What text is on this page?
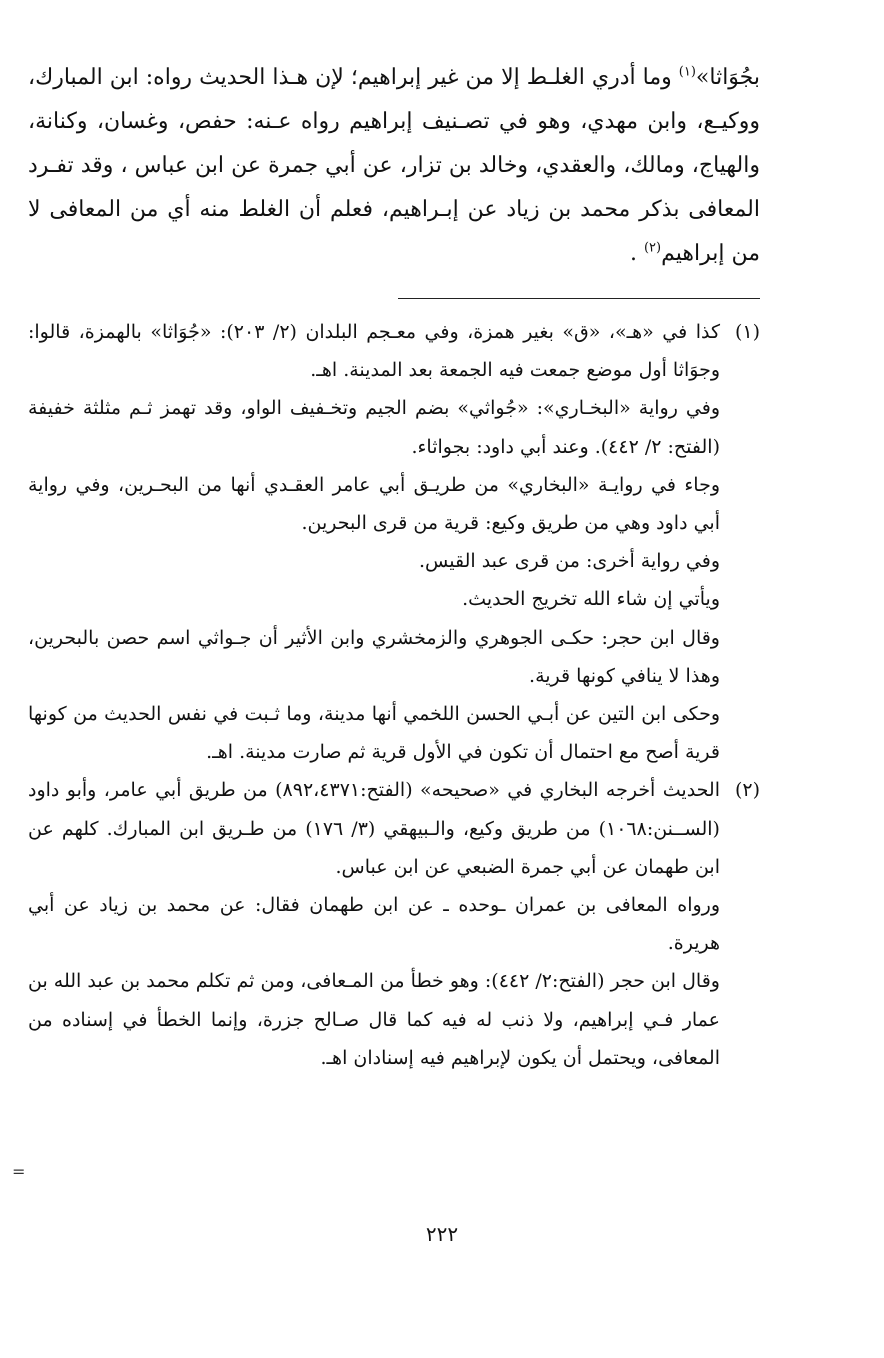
بجُوَاثا»$^{(١)}$ وما أدري الغلـط إلا من غير إبراهيم؛ لإن هـذا الحديث رواه: ابن المبارك، ووكيـع، وابن مهدي، وهو في تصـنيف إبراهيم رواه عـنه: حفص، وغسان، وكنانة، والهياج، ومالك، والعقدي، وخالد بن تزار، عن أبي جمرة عن ابن عباس ، وقد تفـرد المعافى بذكر محمد بن زياد عن إبـراهيم، فعلم أن الغلط منه أي من المعافى لا من إبراهيم$^{(٢)}$ .

(١)

كذا في «هـ»، «ق» بغير همزة، وفي معـجم البلدان (٢/ ٢٠٣): «جُوَاثا» بالهمزة، قالوا: وجوَاثا أول موضع جمعت فيه الجمعة بعد المدينة. اهـ.

وفي رواية «البخـاري»: «جُواثي» بضم الجيم وتخـفيف الواو، وقد تهمز ثـم مثلثة خفيفة (الفتح: ٢/ ٤٤٢). وعند أبي داود: بجواثاء.

وجاء في روايـة «البخاري» من طريـق أبي عامر العقـدي أنها من البحـرين، وفي رواية أبي داود وهي من طريق وكيع: قرية من قرى البحرين.

وفي رواية أخرى: من قرى عبد القيس.

ويأتي إن شاء الله تخريج الحديث.

وقال ابن حجر: حكـى الجوهري والزمخشري وابن الأثير أن جـواثي اسم حصن بالبحرين، وهذا لا ينافي كونها قرية.

وحكى ابن التين عن أبـي الحسن اللخمي أنها مدينة، وما ثـبت في نفس الحديث من كونها قرية أصح مع احتمال أن تكون في الأول قرية ثم صارت مدينة. اهـ.

(٢)

الحديث أخرجه البخاري في «صحيحه» (الفتح:٨٩٢،٤٣٧١) من طريق أبي عامر، وأبو داود (الســنن:١٠٦٨) من طريق وكيع، والـبيهقي (٣/ ١٧٦) من طـريق ابن المبارك. كلهم عن ابن طهمان عن أبي جمرة الضبعي عن ابن عباس.

ورواه المعافى بن عمران ـوحده ـ عن ابن طهمان فقال: عن محمد بن زياد عن أبي هريرة.

وقال ابن حجر (الفتح:٢/ ٤٤٢): وهو خطأ من المـعافى، ومن ثم تكلم محمد بن عبد الله بن عمار فـي إبراهيم، ولا ذنب له فيه كما قال صـالح جزرة، وإنما الخطأ في إسناده من المعافى، ويحتمل أن يكون لإبراهيم فيه إسنادان اهـ.

٢٢٢
=
